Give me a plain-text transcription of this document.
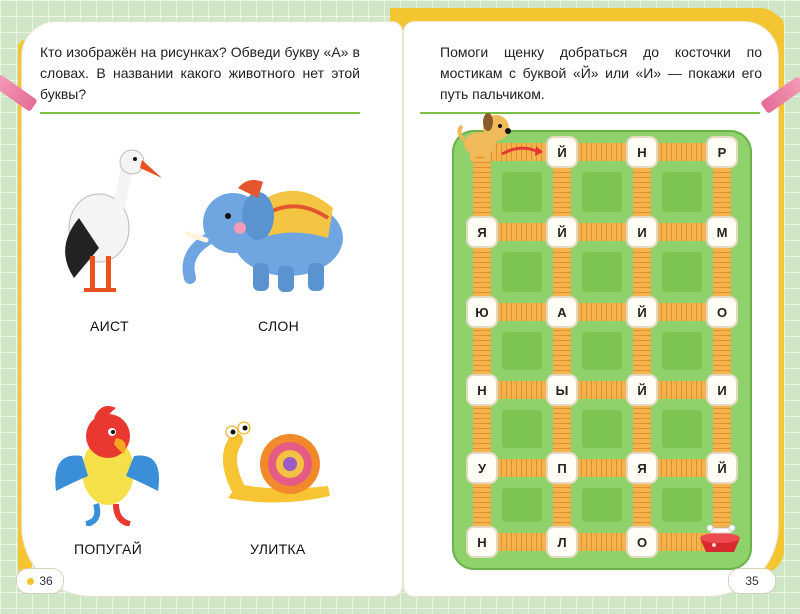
Кто изображён на рисунках? Обведи букву «А» в словах. В названии какого животного нет этой буквы?

АИСТ	СЛОН
ПОПУГАЙ	УЛИТКА
36

Помоги щенку добраться до косточки по мостикам с буквой «Й» или «И» — покажи его путь пальчиком.

Й	Н	Р
Я	Й	И	М
Ю	А	Й	О
Н	Ы	Й	И
У	П	Я	Й
Н	Л	О
35
